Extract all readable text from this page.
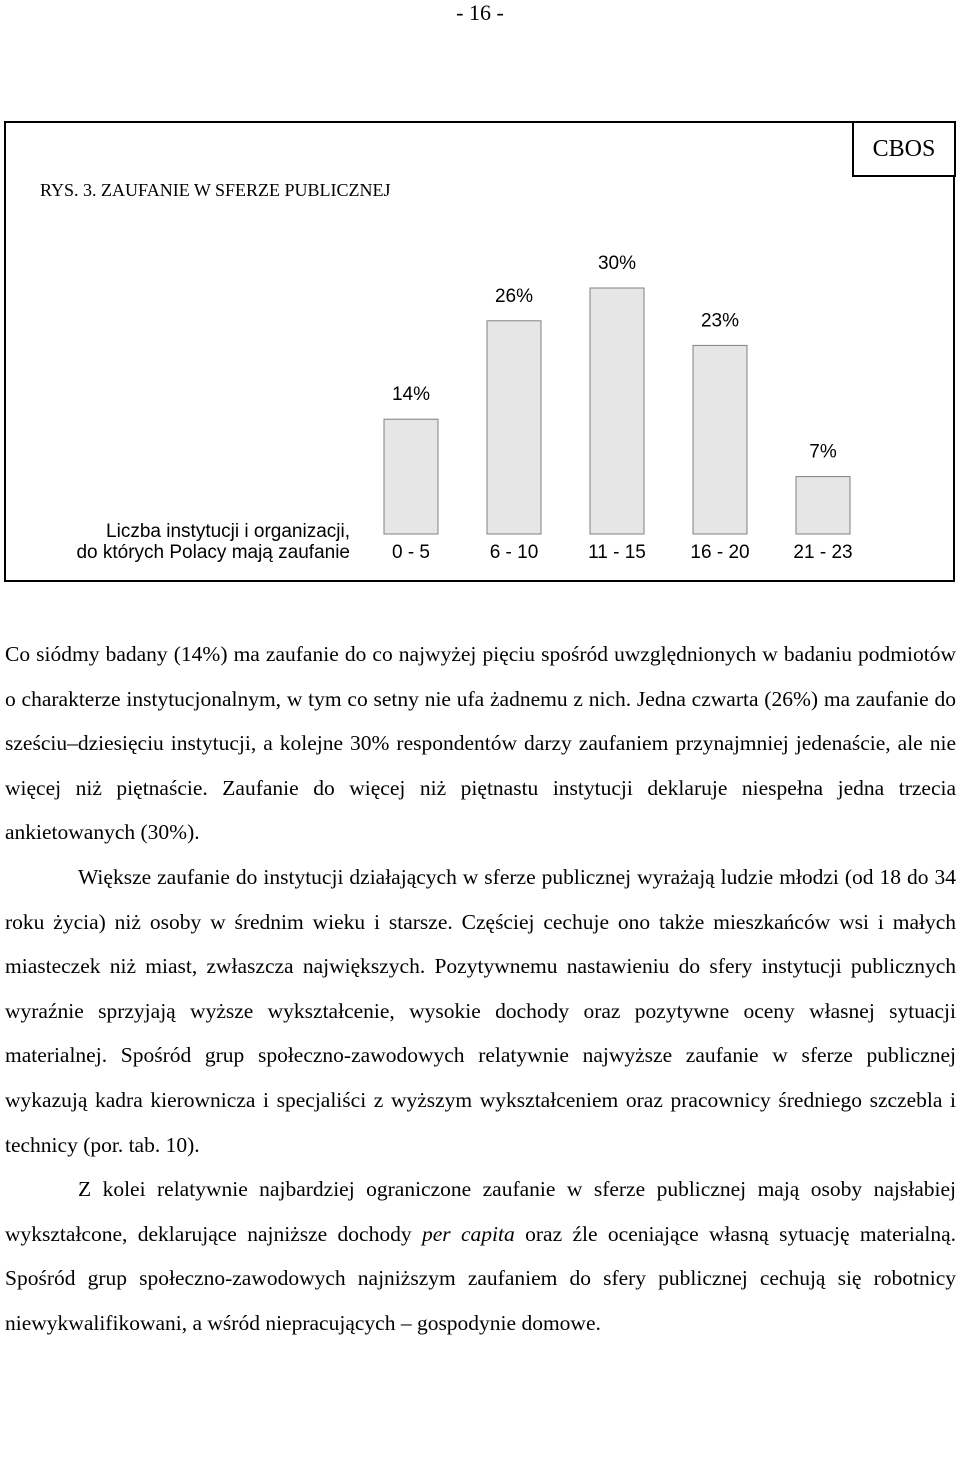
- 16 -
CBOS
RYS. 3. ZAUFANIE W SFERZE PUBLICZNEJ
14%
0 - 5
26%
6 - 10
30%
11 - 15
23%
16 - 20
7%
21 - 23
Liczba instytucji i organizacji,
do których Polacy mają zaufanie

Co siódmy badany (14%) ma zaufanie do co najwyżej pięciu spośród uwzględnionych w badaniu podmiotów o charakterze instytucjonalnym, w tym co setny nie ufa żadnemu z nich. Jedna czwarta (26%) ma zaufanie do sześciu–dziesięciu instytucji, a kolejne 30% respondentów darzy zaufaniem przynajmniej jedenaście, ale nie więcej niż piętnaście. Zaufanie do więcej niż piętnastu instytucji deklaruje niespełna jedna trzecia ankietowanych (30%).

Większe zaufanie do instytucji działających w sferze publicznej wyrażają ludzie młodzi (od 18 do 34 roku życia) niż osoby w średnim wieku i starsze. Częściej cechuje ono także mieszkańców wsi i małych miasteczek niż miast, zwłaszcza największych. Pozytywnemu nastawieniu do sfery instytucji publicznych wyraźnie sprzyjają wyższe wykształcenie, wysokie dochody oraz pozytywne oceny własnej sytuacji materialnej. Spośród grup społeczno-zawodowych relatywnie najwyższe zaufanie w sferze publicznej wykazują kadra kierownicza i specjaliści z wyższym wykształceniem oraz pracownicy średniego szczebla i technicy (por. tab. 10).

Z kolei relatywnie najbardziej ograniczone zaufanie w sferze publicznej mają osoby najsłabiej wykształcone, deklarujące najniższe dochody per capita oraz źle oceniające własną sytuację materialną. Spośród grup społeczno-zawodowych najniższym zaufaniem do sfery publicznej cechują się robotnicy niewykwalifikowani, a wśród niepracujących – gospodynie domowe.
